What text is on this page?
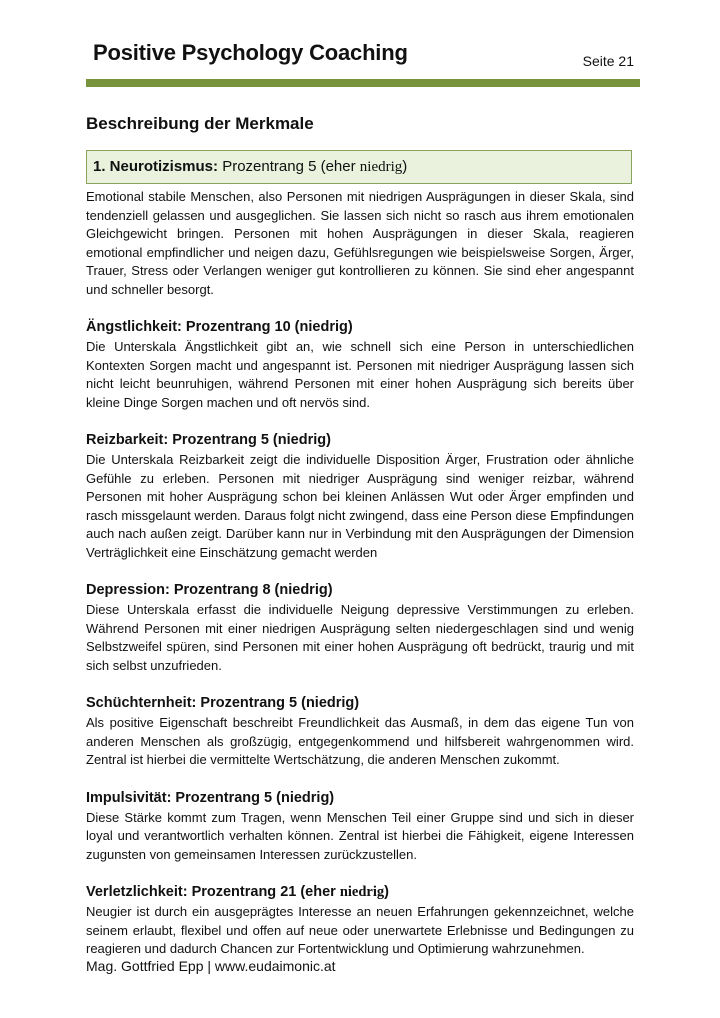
Positive Psychology Coaching	Seite 21
Beschreibung der Merkmale
1. Neurotizismus: Prozentrang 5 (eher niedrig)

Emotional stabile Menschen, also Personen mit niedrigen Ausprägungen in dieser Skala, sind tendenziell gelassen und ausgeglichen. Sie lassen sich nicht so rasch aus ihrem emotionalen Gleichgewicht bringen. Personen mit hohen Ausprägungen in dieser Skala, reagieren emotional empfindlicher und neigen dazu, Gefühlsregungen wie beispielsweise Sorgen, Ärger, Trauer, Stress oder Verlangen weniger gut kontrollieren zu können. Sie sind eher angespannt und schneller besorgt.

Ängstlichkeit: Prozentrang 10 (niedrig)

Die Unterskala Ängstlichkeit gibt an, wie schnell sich eine Person in unterschiedlichen Kontexten Sorgen macht und angespannt ist. Personen mit niedriger Ausprägung lassen sich nicht leicht beunruhigen, während Personen mit einer hohen Ausprägung sich bereits über kleine Dinge Sorgen machen und oft nervös sind.

Reizbarkeit: Prozentrang 5 (niedrig)

Die Unterskala Reizbarkeit zeigt die individuelle Disposition Ärger, Frustration oder ähnliche Gefühle zu erleben. Personen mit niedriger Ausprägung sind weniger reizbar, während Personen mit hoher Ausprägung schon bei kleinen Anlässen Wut oder Ärger empfinden und rasch missgelaunt werden. Daraus folgt nicht zwingend, dass eine Person diese Empfindungen auch nach außen zeigt. Darüber kann nur in Verbindung mit den Ausprägungen der Dimension Verträglichkeit eine Einschätzung gemacht werden

Depression: Prozentrang 8 (niedrig)

Diese Unterskala erfasst die individuelle Neigung depressive Verstimmungen zu erleben. Während Personen mit einer niedrigen Ausprägung selten niedergeschlagen sind und wenig Selbstzweifel spüren, sind Personen mit einer hohen Ausprägung oft bedrückt, traurig und mit sich selbst unzufrieden.

Schüchternheit: Prozentrang 5 (niedrig)

Als positive Eigenschaft beschreibt Freundlichkeit das Ausmaß, in dem das eigene Tun von anderen Menschen als großzügig, entgegenkommend und hilfsbereit wahrgenommen wird. Zentral ist hierbei die vermittelte Wertschätzung, die anderen Menschen zukommt.

Impulsivität: Prozentrang 5 (niedrig)

Diese Stärke kommt zum Tragen, wenn Menschen Teil einer Gruppe sind und sich in dieser loyal und verantwortlich verhalten können. Zentral ist hierbei die Fähigkeit, eigene Interessen zugunsten von gemeinsamen Interessen zurückzustellen.

Verletzlichkeit: Prozentrang 21 (eher niedrig)

Neugier ist durch ein ausgeprägtes Interesse an neuen Erfahrungen gekennzeichnet, welche seinem erlaubt, flexibel und offen auf neue oder unerwartete Erlebnisse und Bedingungen zu reagieren und dadurch Chancen zur Fortentwicklung und Optimierung wahrzunehmen.

Mag. Gottfried Epp | www.eudaimonic.at
